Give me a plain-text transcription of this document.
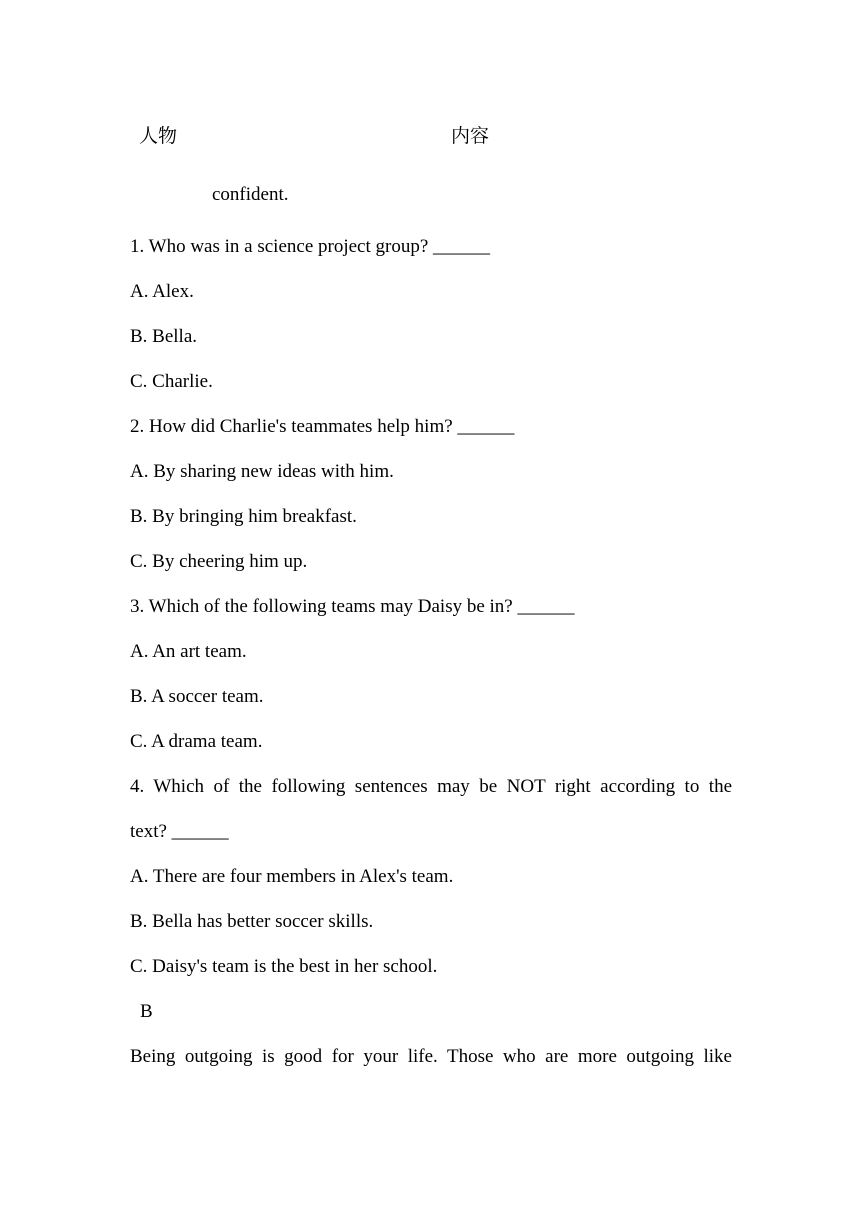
人物	内容
confident.
1. Who was in a science project group? ______
A. Alex.
B. Bella.
C. Charlie.
2. How did Charlie's teammates help him? ______
A. By sharing new ideas with him.
B. By bringing him breakfast.
C. By cheering him up.
3. Which of the following teams may Daisy be in? ______
A. An art team.
B. A soccer team.
C. A drama team.
4. Which of the following sentences may be NOT right according to the
text? ______
A. There are four members in Alex's team.
B. Bella has better soccer skills.
C. Daisy's team is the best in her school.
B
Being outgoing is good for your life. Those who are more outgoing like
